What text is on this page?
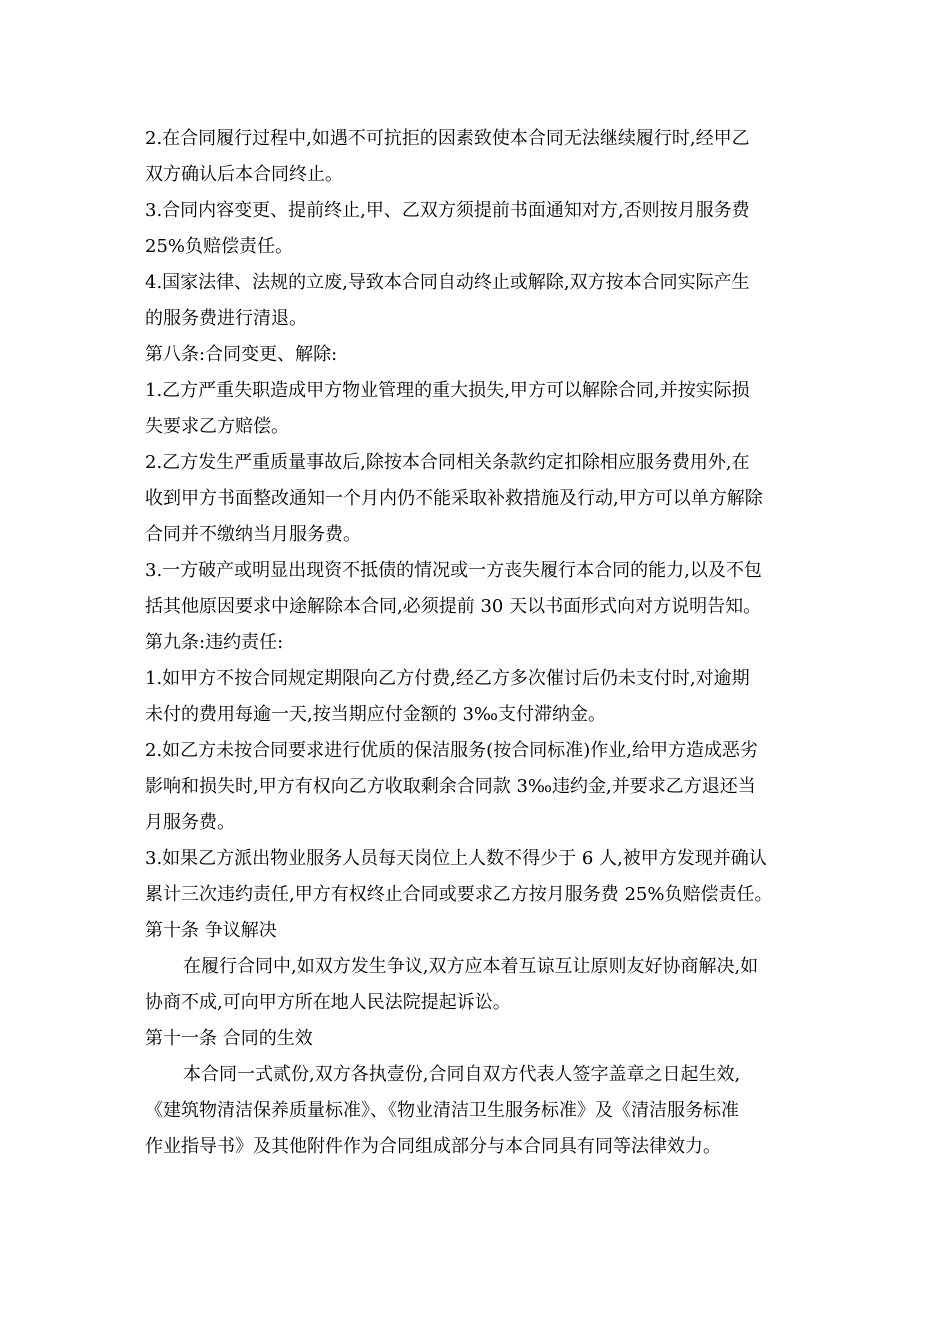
2.在合同履行过程中,如遇不可抗拒的因素致使本合同无法继续履行时,经甲乙
双方确认后本合同终止。
3.合同内容变更、提前终止,甲、乙双方须提前书面通知对方,否则按月服务费
25%负赔偿责任。
4.国家法律、法规的立废,导致本合同自动终止或解除,双方按本合同实际产生
的服务费进行清退。
第八条:合同变更、解除:
1.乙方严重失职造成甲方物业管理的重大损失,甲方可以解除合同,并按实际损
失要求乙方赔偿。
2.乙方发生严重质量事故后,除按本合同相关条款约定扣除相应服务费用外,在
收到甲方书面整改通知一个月内仍不能采取补救措施及行动,甲方可以单方解除
合同并不缴纳当月服务费。
3.一方破产或明显出现资不抵债的情况或一方丧失履行本合同的能力,以及不包
括其他原因要求中途解除本合同,必须提前 30 天以书面形式向对方说明告知。
第九条:违约责任:
1.如甲方不按合同规定期限向乙方付费,经乙方多次催讨后仍未支付时,对逾期
未付的费用每逾一天,按当期应付金额的 3‰支付滞纳金。
2.如乙方未按合同要求进行优质的保洁服务(按合同标准)作业,给甲方造成恶劣
影响和损失时,甲方有权向乙方收取剩余合同款 3‰违约金,并要求乙方退还当
月服务费。
3.如果乙方派出物业服务人员每天岗位上人数不得少于 6 人,被甲方发现并确认
累计三次违约责任,甲方有权终止合同或要求乙方按月服务费 25%负赔偿责任。
第十条 争议解决
在履行合同中,如双方发生争议,双方应本着互谅互让原则友好协商解决,如
协商不成,可向甲方所在地人民法院提起诉讼。
第十一条 合同的生效
本合同一式贰份,双方各执壹份,合同自双方代表人签字盖章之日起生效,
《建筑物清洁保养质量标准》、《物业清洁卫生服务标准》及《清洁服务标准
作业指导书》及其他附件作为合同组成部分与本合同具有同等法律效力。
